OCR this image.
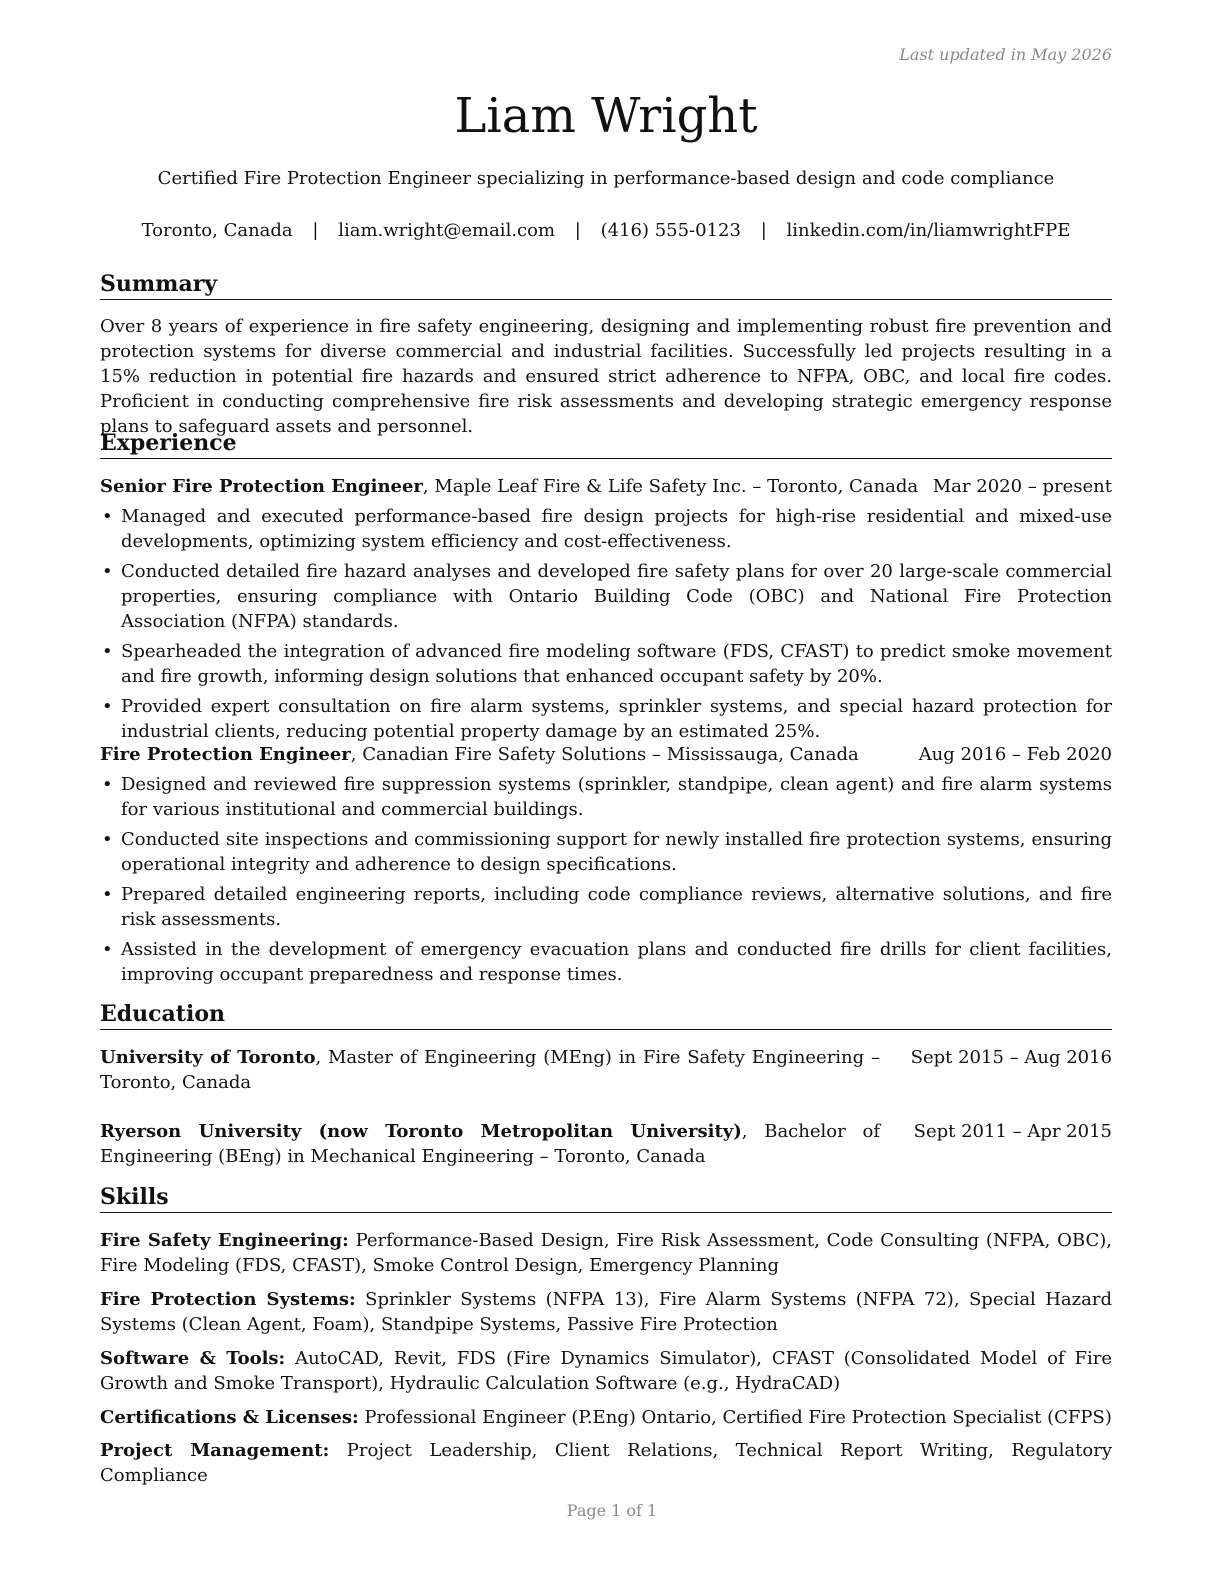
Last updated in May 2026
Liam Wright
Certified Fire Protection Engineer specializing in performance-based design and code compliance
Toronto, Canada | liam.wright@email.com | (416) 555-0123 | linkedin.com/in/liamwrightFPE
Summary
Over 8 years of experience in fire safety engineering, designing and implementing robust fire prevention and protection systems for diverse commercial and industrial facilities. Successfully led projects resulting in a 15% reduction in potential fire hazards and ensured strict adherence to NFPA, OBC, and local fire codes. Proficient in conducting comprehensive fire risk assessments and developing strategic emergency response plans to safeguard assets and personnel.
Experience
Senior Fire Protection Engineer, Maple Leaf Fire & Life Safety Inc. – Toronto, Canada Mar 2020 – present
• Managed and executed performance-based fire design projects for high-rise residential and mixed-use developments, optimizing system efficiency and cost-effectiveness.
• Conducted detailed fire hazard analyses and developed fire safety plans for over 20 large-scale commercial properties, ensuring compliance with Ontario Building Code (OBC) and National Fire Protection Association (NFPA) standards.
• Spearheaded the integration of advanced fire modeling software (FDS, CFAST) to predict smoke movement and fire growth, informing design solutions that enhanced occupant safety by 20%.
• Provided expert consultation on fire alarm systems, sprinkler systems, and special hazard protection for industrial clients, reducing potential property damage by an estimated 25%.
Fire Protection Engineer, Canadian Fire Safety Solutions – Mississauga, Canada	Aug 2016 – Feb 2020
• Designed and reviewed fire suppression systems (sprinkler, standpipe, clean agent) and fire alarm systems for various institutional and commercial buildings.
• Conducted site inspections and commissioning support for newly installed fire protection systems, ensuring operational integrity and adherence to design specifications.
• Prepared detailed engineering reports, including code compliance reviews, alternative solutions, and fire risk assessments.
• Assisted in the development of emergency evacuation plans and conducted fire drills for client facilities, improving occupant preparedness and response times.
Education
University of Toronto, Master of Engineering (MEng) in Fire Safety Engineering – Toronto, Canada
Sept 2015 – Aug 2016
Ryerson University (now Toronto Metropolitan University), Bachelor of Engineering (BEng) in Mechanical Engineering – Toronto, Canada
Sept 2011 – Apr 2015
Skills
Fire Safety Engineering: Performance-Based Design, Fire Risk Assessment, Code Consulting (NFPA, OBC), Fire Modeling (FDS, CFAST), Smoke Control Design, Emergency Planning
Fire Protection Systems: Sprinkler Systems (NFPA 13), Fire Alarm Systems (NFPA 72), Special Hazard Systems (Clean Agent, Foam), Standpipe Systems, Passive Fire Protection
Software & Tools: AutoCAD, Revit, FDS (Fire Dynamics Simulator), CFAST (Consolidated Model of Fire Growth and Smoke Transport), Hydraulic Calculation Software (e.g., HydraCAD)
Certifications & Licenses: Professional Engineer (P.Eng) Ontario, Certified Fire Protection Specialist (CFPS)
Project Management: Project Leadership, Client Relations, Technical Report Writing, Regulatory Compliance
Page 1 of 1
